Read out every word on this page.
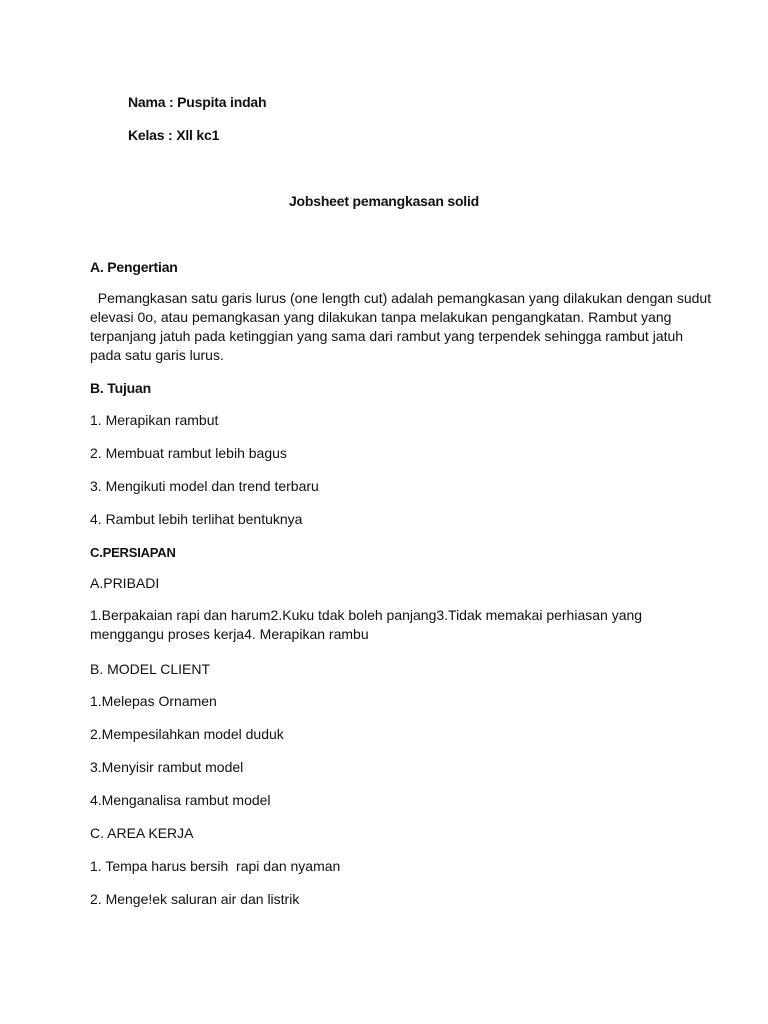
Nama : Puspita indah
Kelas : Xll kc1
Jobsheet pemangkasan solid
A. Pengertian

Pemangkasan satu garis lurus (one length cut) adalah pemangkasan yang dilakukan dengan sudut

elevasi 0o, atau pemangkasan yang dilakukan tanpa melakukan pengangkatan. Rambut yang

terpanjang jatuh pada ketinggian yang sama dari rambut yang terpendek sehingga rambut jatuh

pada satu garis lurus.

B. Tujuan
1. Merapikan rambut
2. Membuat rambut lebih bagus
3. Mengikuti model dan trend terbaru
4. Rambut lebih terlihat bentuknya
C.PERSIAPAN
A.PRIBADI

1.Berpakaian rapi dan harum2.Kuku tdak boleh panjang3.Tidak memakai perhiasan yang

menggangu proses kerja4. Merapikan rambu

B. MODEL CLIENT
1.Melepas Ornamen
2.Mempesilahkan model duduk
3.Menyisir rambut model
4.Menganalisa rambut model
C. AREA KERJA
1. Tempa harus bersih  rapi dan nyaman
2. Mengeǃek saluran air dan listrik
